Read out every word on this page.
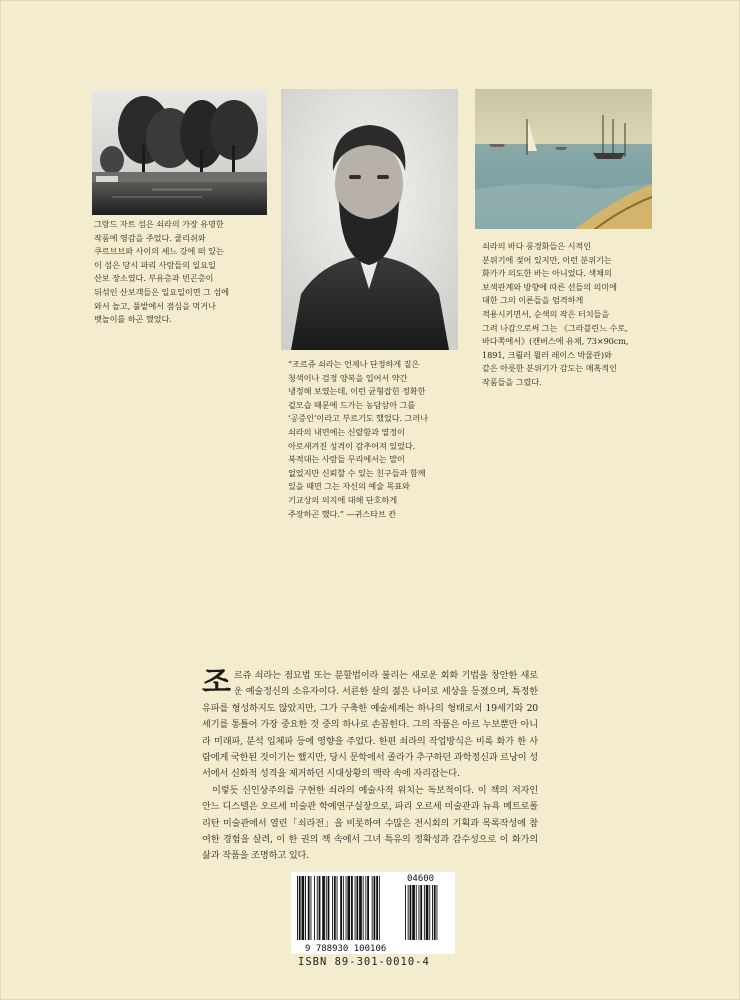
그랑드 자트 섬은 쇠라의 가장 유명한
작품에 영감을 주었다. 쿨리쉬와
쿠르브브와 사이의 세느 강에 떠 있는
이 섬은 당시 파리 사람들의 일요일
산보 장소였다. 부유층과 빈곤층이
뒤섞인 산보객들은 일요일이면 그 섬에
와서 놀고, 풀밭에서 점심을 먹거나
뱃놀이를 하곤 했었다.
“조르쥬 쇠라는 언제나 단정하게 짙은
청색이나 검정 양복을 입어서 약간
냉정해 보였는데, 이런 균형잡힌 정확한
겉모습 때문에 드가는 농담삼아 그를
‘공증인’이라고 부르기도 했었다. 그러나
쇠라의 내면에는 신랄함과 열정이
아로새겨진 성격이 감추어져 있었다.
북적대는 사람들 무리에서는 말이
없었지만 신뢰할 수 있는 친구들과 함께
있을 때면 그는 자신의 예술 목표와
기교상의 의지에 대해 단호하게
주장하곤 했다.” —귀스타브 칸
쇠라의 바다 풍경화들은 시적인
분위기에 젖어 있지만, 이런 분위기는
화가가 의도한 바는 아니었다. 색채의
보색관계와 방향에 따른 선들의 의미에
대한 그의 이론들을 엄격하게
적용시키면서, 순색의 작은 터치들을
그려 나감으로써 그는 《그라블린느 수로,
바다쪽에서》(캔버스에 유채, 73×90cm,
1891, 크뢸러 뮐러 레이스 박물관)와
같은 아릇한 분위기가 감도는 매혹적인
작품들을 그렸다.

조르쥬 쇠라는 점묘법 또는 분할법이라 불리는 새로운 회화 기법을 창안한 새로운 예술정신의 소유자이다. 서른한 살의 젊은 나이로 세상을 등졌으며, 특정한 유파를 형성하지도 않았지만, 그가 구축한 예술세계는 하나의 형태로서 19세기와 20세기를 통틀어 가장 중요한 것 중의 하나로 손꼽힌다. 그의 작품은 아르 누보뿐만 아니라 미래파, 분석 입체파 등에 영향을 주었다. 한편 쇠라의 작업방식은 비록 화가 한 사람에게 국한된 것이기는 했지만, 당시 문학에서 졸라가 추구하던 과학정신과 르낭이 성서에서 신화적 성격을 제거하던 시대상황의 맥락 속에 자리잡는다.

이렇듯 신인상주의를 구현한 쇠라의 예술사적 위치는 독보적이다. 이 책의 저자인 안느 디스텔은 오르세 미술관 학예연구실장으로, 파리 오르세 미술관과 뉴욕 메트로폴리탄 미술관에서 열린「쇠라전」을 비롯하여 수많은 전시회의 기획과 목록작성에 참여한 경험을 살려, 이 한 권의 책 속에서 그녀 특유의 정확성과 감수성으로 이 화가의 삶과 작품을 조명하고 있다.

9 788930 100106
04600
ISBN 89-301-0010-4
